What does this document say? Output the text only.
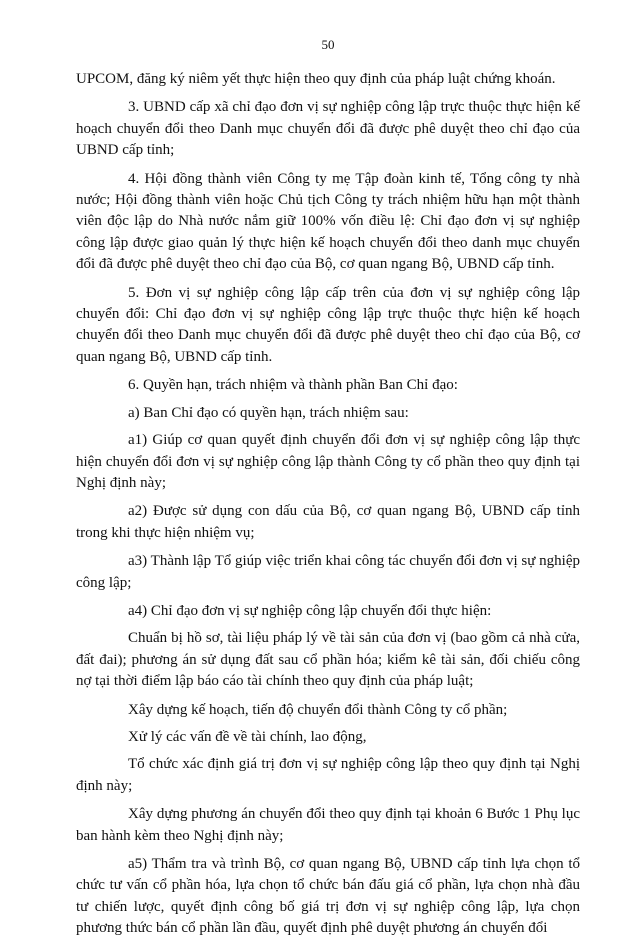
50

UPCOM, đăng ký niêm yết thực hiện theo quy định của pháp luật chứng khoán.

3. UBND cấp xã chỉ đạo đơn vị sự nghiệp công lập trực thuộc thực hiện kế hoạch chuyển đổi theo Danh mục chuyển đổi đã được phê duyệt theo chỉ đạo của UBND cấp tỉnh;

4. Hội đồng thành viên Công ty mẹ Tập đoàn kinh tế, Tổng công ty nhà nước; Hội đồng thành viên hoặc Chủ tịch Công ty trách nhiệm hữu hạn một thành viên độc lập do Nhà nước nắm giữ 100% vốn điều lệ: Chỉ đạo đơn vị sự nghiệp công lập được giao quản lý thực hiện kế hoạch chuyển đổi theo danh mục chuyển đổi đã được phê duyệt theo chỉ đạo của Bộ, cơ quan ngang Bộ, UBND cấp tỉnh.

5. Đơn vị sự nghiệp công lập cấp trên của đơn vị sự nghiệp công lập chuyển đổi: Chỉ đạo đơn vị sự nghiệp công lập trực thuộc thực hiện kế hoạch chuyển đổi theo Danh mục chuyển đổi đã được phê duyệt theo chỉ đạo của Bộ, cơ quan ngang Bộ, UBND cấp tỉnh.

6. Quyền hạn, trách nhiệm và thành phần Ban Chỉ đạo:

a) Ban Chỉ đạo có quyền hạn, trách nhiệm sau:

a1) Giúp cơ quan quyết định chuyển đổi đơn vị sự nghiệp công lập thực hiện chuyển đổi đơn vị sự nghiệp công lập thành Công ty cổ phần theo quy định tại Nghị định này;

a2) Được sử dụng con dấu của Bộ, cơ quan ngang Bộ, UBND cấp tỉnh trong khi thực hiện nhiệm vụ;

a3) Thành lập Tổ giúp việc triển khai công tác chuyển đổi đơn vị sự nghiệp công lập;

a4) Chỉ đạo đơn vị sự nghiệp công lập chuyển đổi thực hiện:

Chuẩn bị hồ sơ, tài liệu pháp lý về tài sản của đơn vị (bao gồm cả nhà cửa, đất đai); phương án sử dụng đất sau cổ phần hóa; kiểm kê tài sản, đối chiếu công nợ tại thời điểm lập báo cáo tài chính theo quy định của pháp luật;

Xây dựng kế hoạch, tiến độ chuyển đổi thành Công ty cổ phần;

Xử lý các vấn đề về tài chính, lao động,

Tổ chức xác định giá trị đơn vị sự nghiệp công lập theo quy định tại Nghị định này;

Xây dựng phương án chuyển đổi theo quy định tại khoản 6 Bước 1 Phụ lục ban hành kèm theo Nghị định này;

a5) Thẩm tra và trình Bộ, cơ quan ngang Bộ, UBND cấp tỉnh lựa chọn tổ chức tư vấn cổ phần hóa, lựa chọn tổ chức bán đấu giá cổ phần, lựa chọn nhà đầu tư chiến lược, quyết định công bố giá trị đơn vị sự nghiệp công lập, lựa chọn phương thức bán cổ phần lần đầu, quyết định phê duyệt phương án chuyển đổi
